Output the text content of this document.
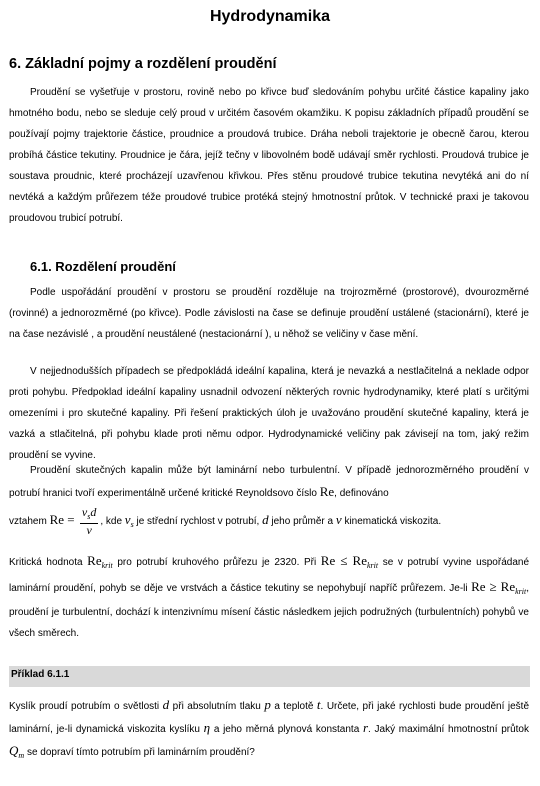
Hydrodynamika
6. Základní pojmy a rozdělení proudění

Proudění se vyšetřuje v prostoru, rovině nebo po křivce buď sledováním pohybu určité částice kapaliny jako hmotného bodu, nebo se sleduje celý proud v určitém časovém okamžiku. K popisu základních případů proudění se používají pojmy trajektorie částice, proudnice a proudová trubice. Dráha neboli trajektorie je obecně čarou, kterou probíhá částice tekutiny. Proudnice je čára, jejíž tečny v libovolném bodě udávají směr rychlosti. Proudová trubice je soustava proudnic, které procházejí uzavřenou křivkou. Přes stěnu proudové trubice tekutina nevytéká ani do ní nevtéká a každým průřezem téže proudové trubice protéká stejný hmotnostní průtok. V technické praxi je takovou proudovou trubicí potrubí.

6.1. Rozdělení proudění

Podle uspořádání proudění v prostoru se proudění rozděluje na trojrozměrné (prostorové), dvourozměrné (rovinné) a jednorozměrné (po křivce). Podle závislosti na čase se definuje proudění ustálené (stacionární), které je na čase nezávislé , a proudění neustálené (nestacionární ), u něhož se veličiny v čase mění.

V nejjednodušších případech se předpokládá ideální kapalina, která je nevazká a nestlačitelná a neklade odpor proti pohybu. Předpoklad ideální kapaliny usnadnil odvození některých rovnic hydrodynamiky, které platí s určitými omezeními i pro skutečné kapaliny. Při řešení praktických úloh je uvažováno proudění skutečné kapaliny, která je vazká a stlačitelná, při pohybu klade proti němu odpor. Hydrodynamické veličiny pak závisejí na tom, jaký režim proudění se vyvine.

Proudění skutečných kapalin může být laminární nebo turbulentní. V případě jednorozměrného proudění v potrubí hranici tvoří experimentálně určené kritické Reynoldsovo číslo Re, definováno

vztahem $Re = \frac{v_sd}{\nu}$ , kde $v_s$ je střední rychlost v potrubí, d jeho průměr a ν kinematická viskozita.

Kritická hodnota $Re_{krit}$ pro potrubí kruhového průřezu je 2320. Při $Re \le Re_{krit}$ se v potrubí vyvine uspořádané laminární proudění, pohyb se děje ve vrstvách a částice tekutiny se nepohybují napříč průřezem. Je-li $Re \ge Re_{krit}$, proudění je turbulentní, dochází k intenzivnímu mísení částic následkem jejich podružných (turbulentních) pohybů ve všech směrech.

Příklad 6.1.1

Kyslík proudí potrubím o světlosti d při absolutním tlaku p a teplotě t. Určete, při jaké rychlosti bude proudění ještě laminární, je-li dynamická viskozita kyslíku η a jeho měrná plynová konstanta r. Jaký maximální hmotnostní průtok $Q_m$ se dopraví tímto potrubím při laminárním proudění?
